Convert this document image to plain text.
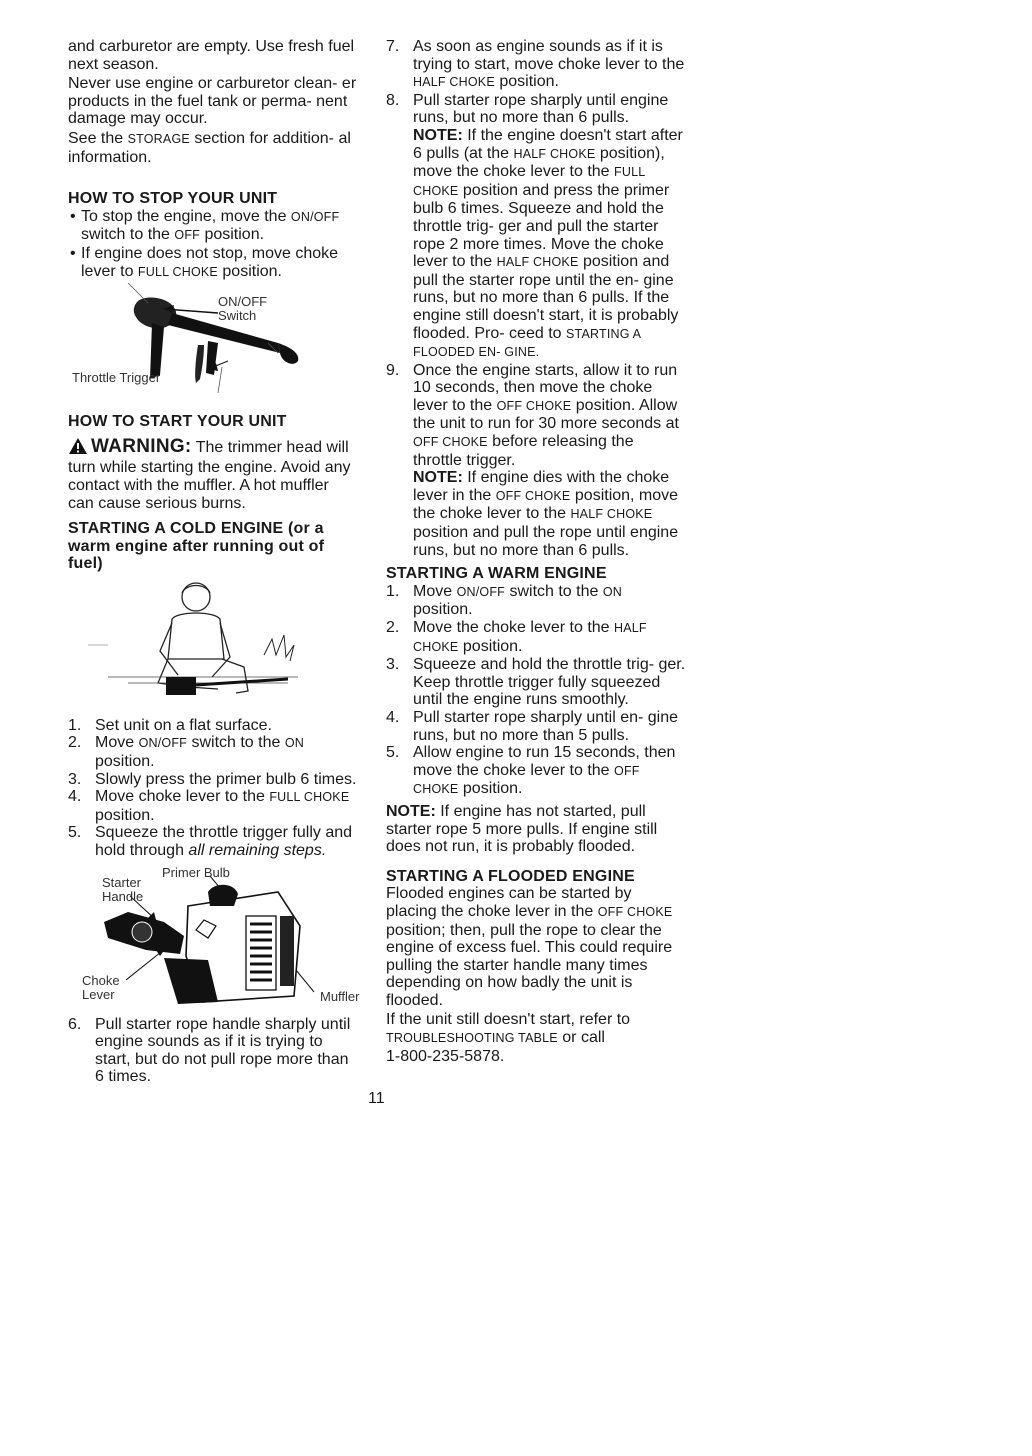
and carburetor are empty. Use fresh fuel next season.

Never use engine or carburetor clean- er products in the fuel tank or perma- nent damage may occur.

See the STORAGE section for addition- al information.

HOW TO STOP YOUR UNIT
• To stop the engine, move the ON/OFF switch to the OFF position.
• If engine does not stop, move choke lever to FULL CHOKE position.
ON/OFF
Switch
Throttle Trigger
HOW TO START YOUR UNIT
WARNING: The trimmer head will turn while starting the engine. Avoid any contact with the muffler. A hot muffler can cause serious burns.
STARTING A COLD ENGINE (or a warm engine after running out of fuel)
1. Set unit on a flat surface.
2. Move ON/OFF switch to the ON position.
3. Slowly press the primer bulb 6 times.
4. Move choke lever to the FULL CHOKE position.
5. Squeeze the throttle trigger fully and hold through all remaining steps.
Starter
Handle
Primer Bulb
Choke
Lever	Muffler
6. Pull starter rope handle sharply until engine sounds as if it is trying to start, but do not pull rope more than 6 times.
7. As soon as engine sounds as if it is trying to start, move choke lever to the HALF CHOKE position.
8. Pull starter rope sharply until engine runs, but no more than 6 pulls.
NOTE: If the engine doesn't start after 6 pulls (at the HALF CHOKE position), move the choke lever to the FULL CHOKE position and press the primer bulb 6 times. Squeeze and hold the throttle trig- ger and pull the starter rope 2 more times. Move the choke lever to the HALF CHOKE position and pull the starter rope until the en- gine runs, but no more than 6 pulls. If the engine still doesn't start, it is probably flooded. Pro- ceed to STARTING A FLOODED EN- GINE.
9. Once the engine starts, allow it to run 10 seconds, then move the choke lever to the OFF CHOKE position. Allow the unit to run for 30 more seconds at OFF CHOKE before releasing the throttle trigger.
NOTE: If engine dies with the choke lever in the OFF CHOKE position, move the choke lever to the HALF CHOKE position and pull the rope until engine runs, but no more than 6 pulls.
STARTING A WARM ENGINE
1. Move ON/OFF switch to the ON position.
2. Move the choke lever to the HALF CHOKE position.
3. Squeeze and hold the throttle trig- ger. Keep throttle trigger fully squeezed until the engine runs smoothly.
4. Pull starter rope sharply until en- gine runs, but no more than 5 pulls.
5. Allow engine to run 15 seconds, then move the choke lever to the OFF CHOKE position.

NOTE: If engine has not started, pull starter rope 5 more pulls. If engine still does not run, it is probably flooded.

STARTING A FLOODED ENGINE

Flooded engines can be started by placing the choke lever in the OFF CHOKE position; then, pull the rope to clear the engine of excess fuel. This could require pulling the starter handle many times depending on how badly the unit is flooded.

If the unit still doesn't start, refer to TROUBLESHOOTING TABLE or call
1-800-235-5878.

11
